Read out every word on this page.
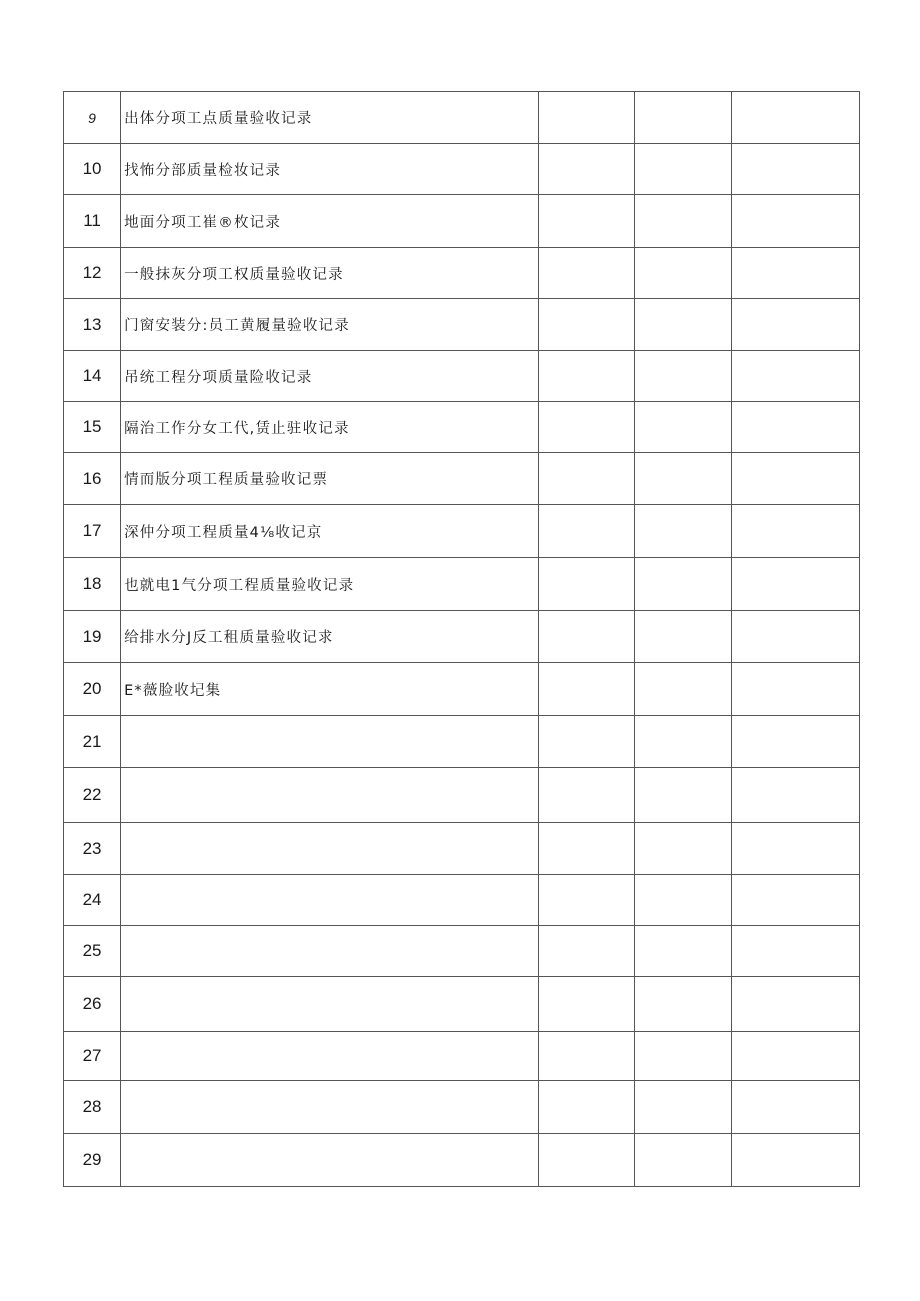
9	出体分项工点质量验收记录			
10	找怖分部质量检妆记录			
11	地面分项工崔®枚记录			
12	一般抹灰分项工权质量验收记录			
13	门窗安装分:员工黄履量验收记录			
14	吊统工程分项质量险收记录			
15	隔治工作分女工代,赁止驻收记录			
16	情而版分项工程质量验收记票			
17	深仲分项工程质量4⅛收记京			
18	也就电1气分项工程质量验收记录			
19	给排水分J反工租质量验收记求			
20	E*薇脸收圮集			
21				
22				
23				
24				
25				
26				
27				
28				
29				
